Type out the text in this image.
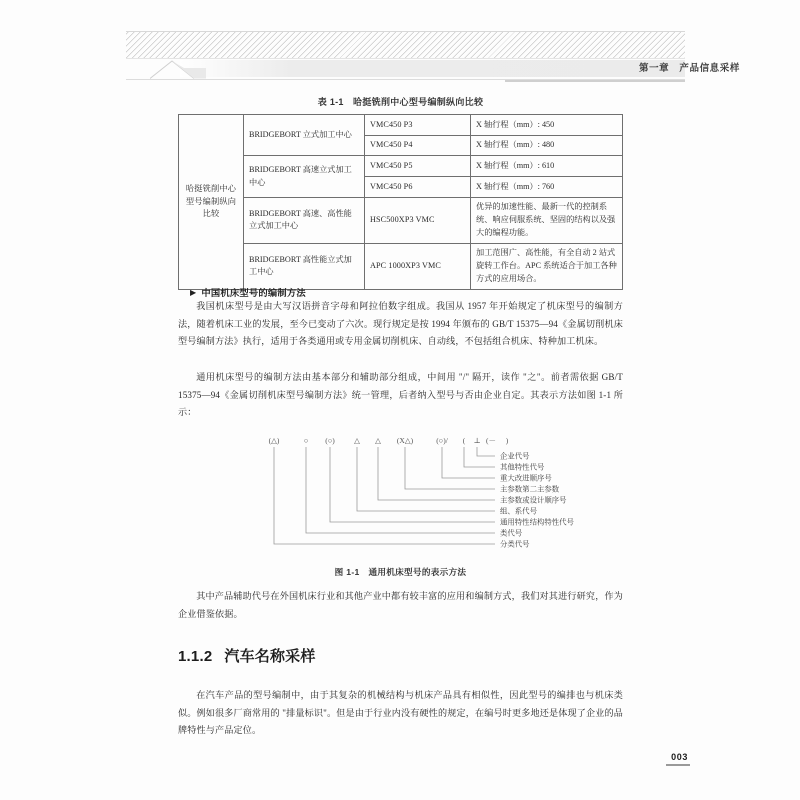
第一章　产品信息采样
表 1-1　哈挺铣削中心型号编制纵向比较
哈挺铣削中心型号编制纵向比较	BRIDGEBORT 立式加工中心	VMC450 P3	X 轴行程（mm）: 450
		VMC450 P4	X 轴行程（mm）: 480
	BRIDGEBORT 高速立式加工中心	VMC450 P5	X 轴行程（mm）: 610
		VMC450 P6	X 轴行程（mm）: 760
	BRIDGEBORT 高速、高性能立式加工中心	HSC500XP3 VMC	优异的加速性能、最新一代的控制系统、响应伺服系统、坚固的结构以及强大的编程功能。
	BRIDGEBORT 高性能立式加工中心	APC 1000XP3 VMC	加工范围广、高性能，有全自动 2 站式旋转工作台。APC 系统适合于加工各种方式的应用场合。
▶ 中国机床型号的编制方法
我国机床型号是由大写汉语拼音字母和阿拉伯数字组成。我国从 1957 年开始规定了机床型号的编制方法，随着机床工业的发展，至今已变动了六次。现行规定是按 1994 年颁布的 GB/T 15375—94《金属切削机床型号编制方法》执行，适用于各类通用或专用金属切削机床、自动线，不包括组合机床、特种加工机床。
通用机床型号的编制方法由基本部分和辅助部分组成，中间用 "/" 隔开，读作 "之"。前者需依据 GB/T 15375—94《金属切削机床型号编制方法》统一管理，后者纳入型号与否由企业自定。其表示方法如图 1-1 所示：
(△)	○ (○)	△ △ (X△)	(○)/ ( ⊥ (－ )
企业代号
其他特性代号
重大改进顺序号
主参数第二主参数
主参数或设计顺序号
组、系代号
通用特性结构特性代号
类代号
分类代号
图 1-1　通用机床型号的表示方法
其中产品辅助代号在外国机床行业和其他产业中都有较丰富的应用和编制方式，我们对其进行研究，作为企业借鉴依据。
1.1.2 汽车名称采样
在汽车产品的型号编制中，由于其复杂的机械结构与机床产品具有相似性，因此型号的编排也与机床类似。例如很多厂商常用的 "排量标识"。但是由于行业内没有硬性的规定，在编号时更多地还是体现了企业的品牌特性与产品定位。
003
